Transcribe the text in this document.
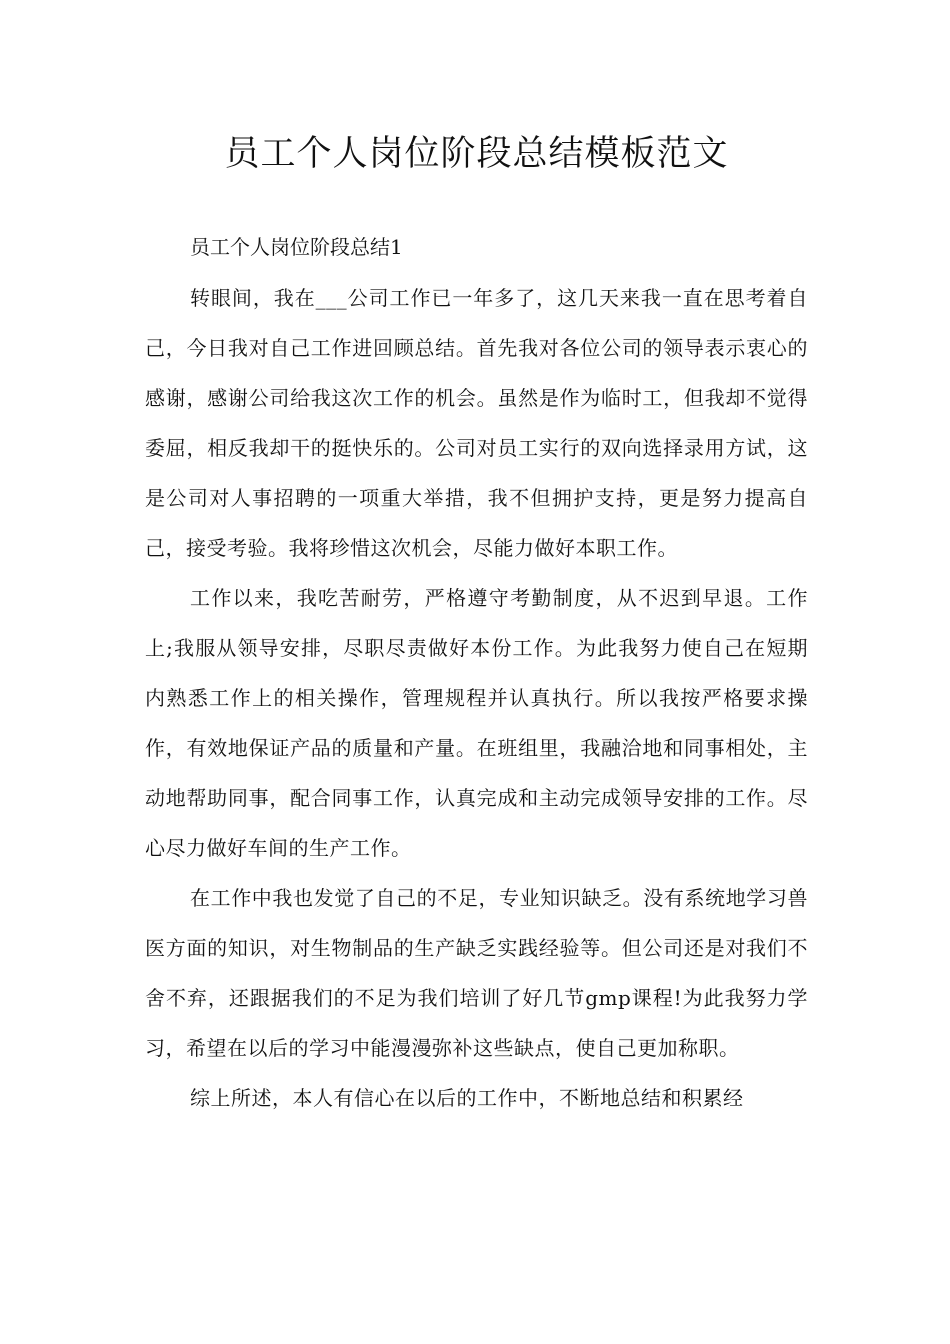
员工个人岗位阶段总结模板范文

员工个人岗位阶段总结1

转眼间，我在___公司工作已一年多了，这几天来我一直在思考着自己，今日我对自己工作进回顾总结。首先我对各位公司的领导表示衷心的感谢，感谢公司给我这次工作的机会。虽然是作为临时工，但我却不觉得委屈，相反我却干的挺快乐的。公司对员工实行的双向选择录用方试，这是公司对人事招聘的一项重大举措，我不但拥护支持，更是努力提高自己，接受考验。我将珍惜这次机会，尽能力做好本职工作。

工作以来，我吃苦耐劳，严格遵守考勤制度，从不迟到早退。工作上;我服从领导安排，尽职尽责做好本份工作。为此我努力使自己在短期内熟悉工作上的相关操作，管理规程并认真执行。所以我按严格要求操作，有效地保证产品的质量和产量。在班组里，我融洽地和同事相处，主动地帮助同事，配合同事工作，认真完成和主动完成领导安排的工作。尽心尽力做好车间的生产工作。

在工作中我也发觉了自己的不足，专业知识缺乏。没有系统地学习兽医方面的知识，对生物制品的生产缺乏实践经验等。但公司还是对我们不舍不弃，还跟据我们的不足为我们培训了好几节gmp课程!为此我努力学习，希望在以后的学习中能漫漫弥补这些缺点，使自己更加称职。

综上所述，本人有信心在以后的工作中，不断地总结和积累经
